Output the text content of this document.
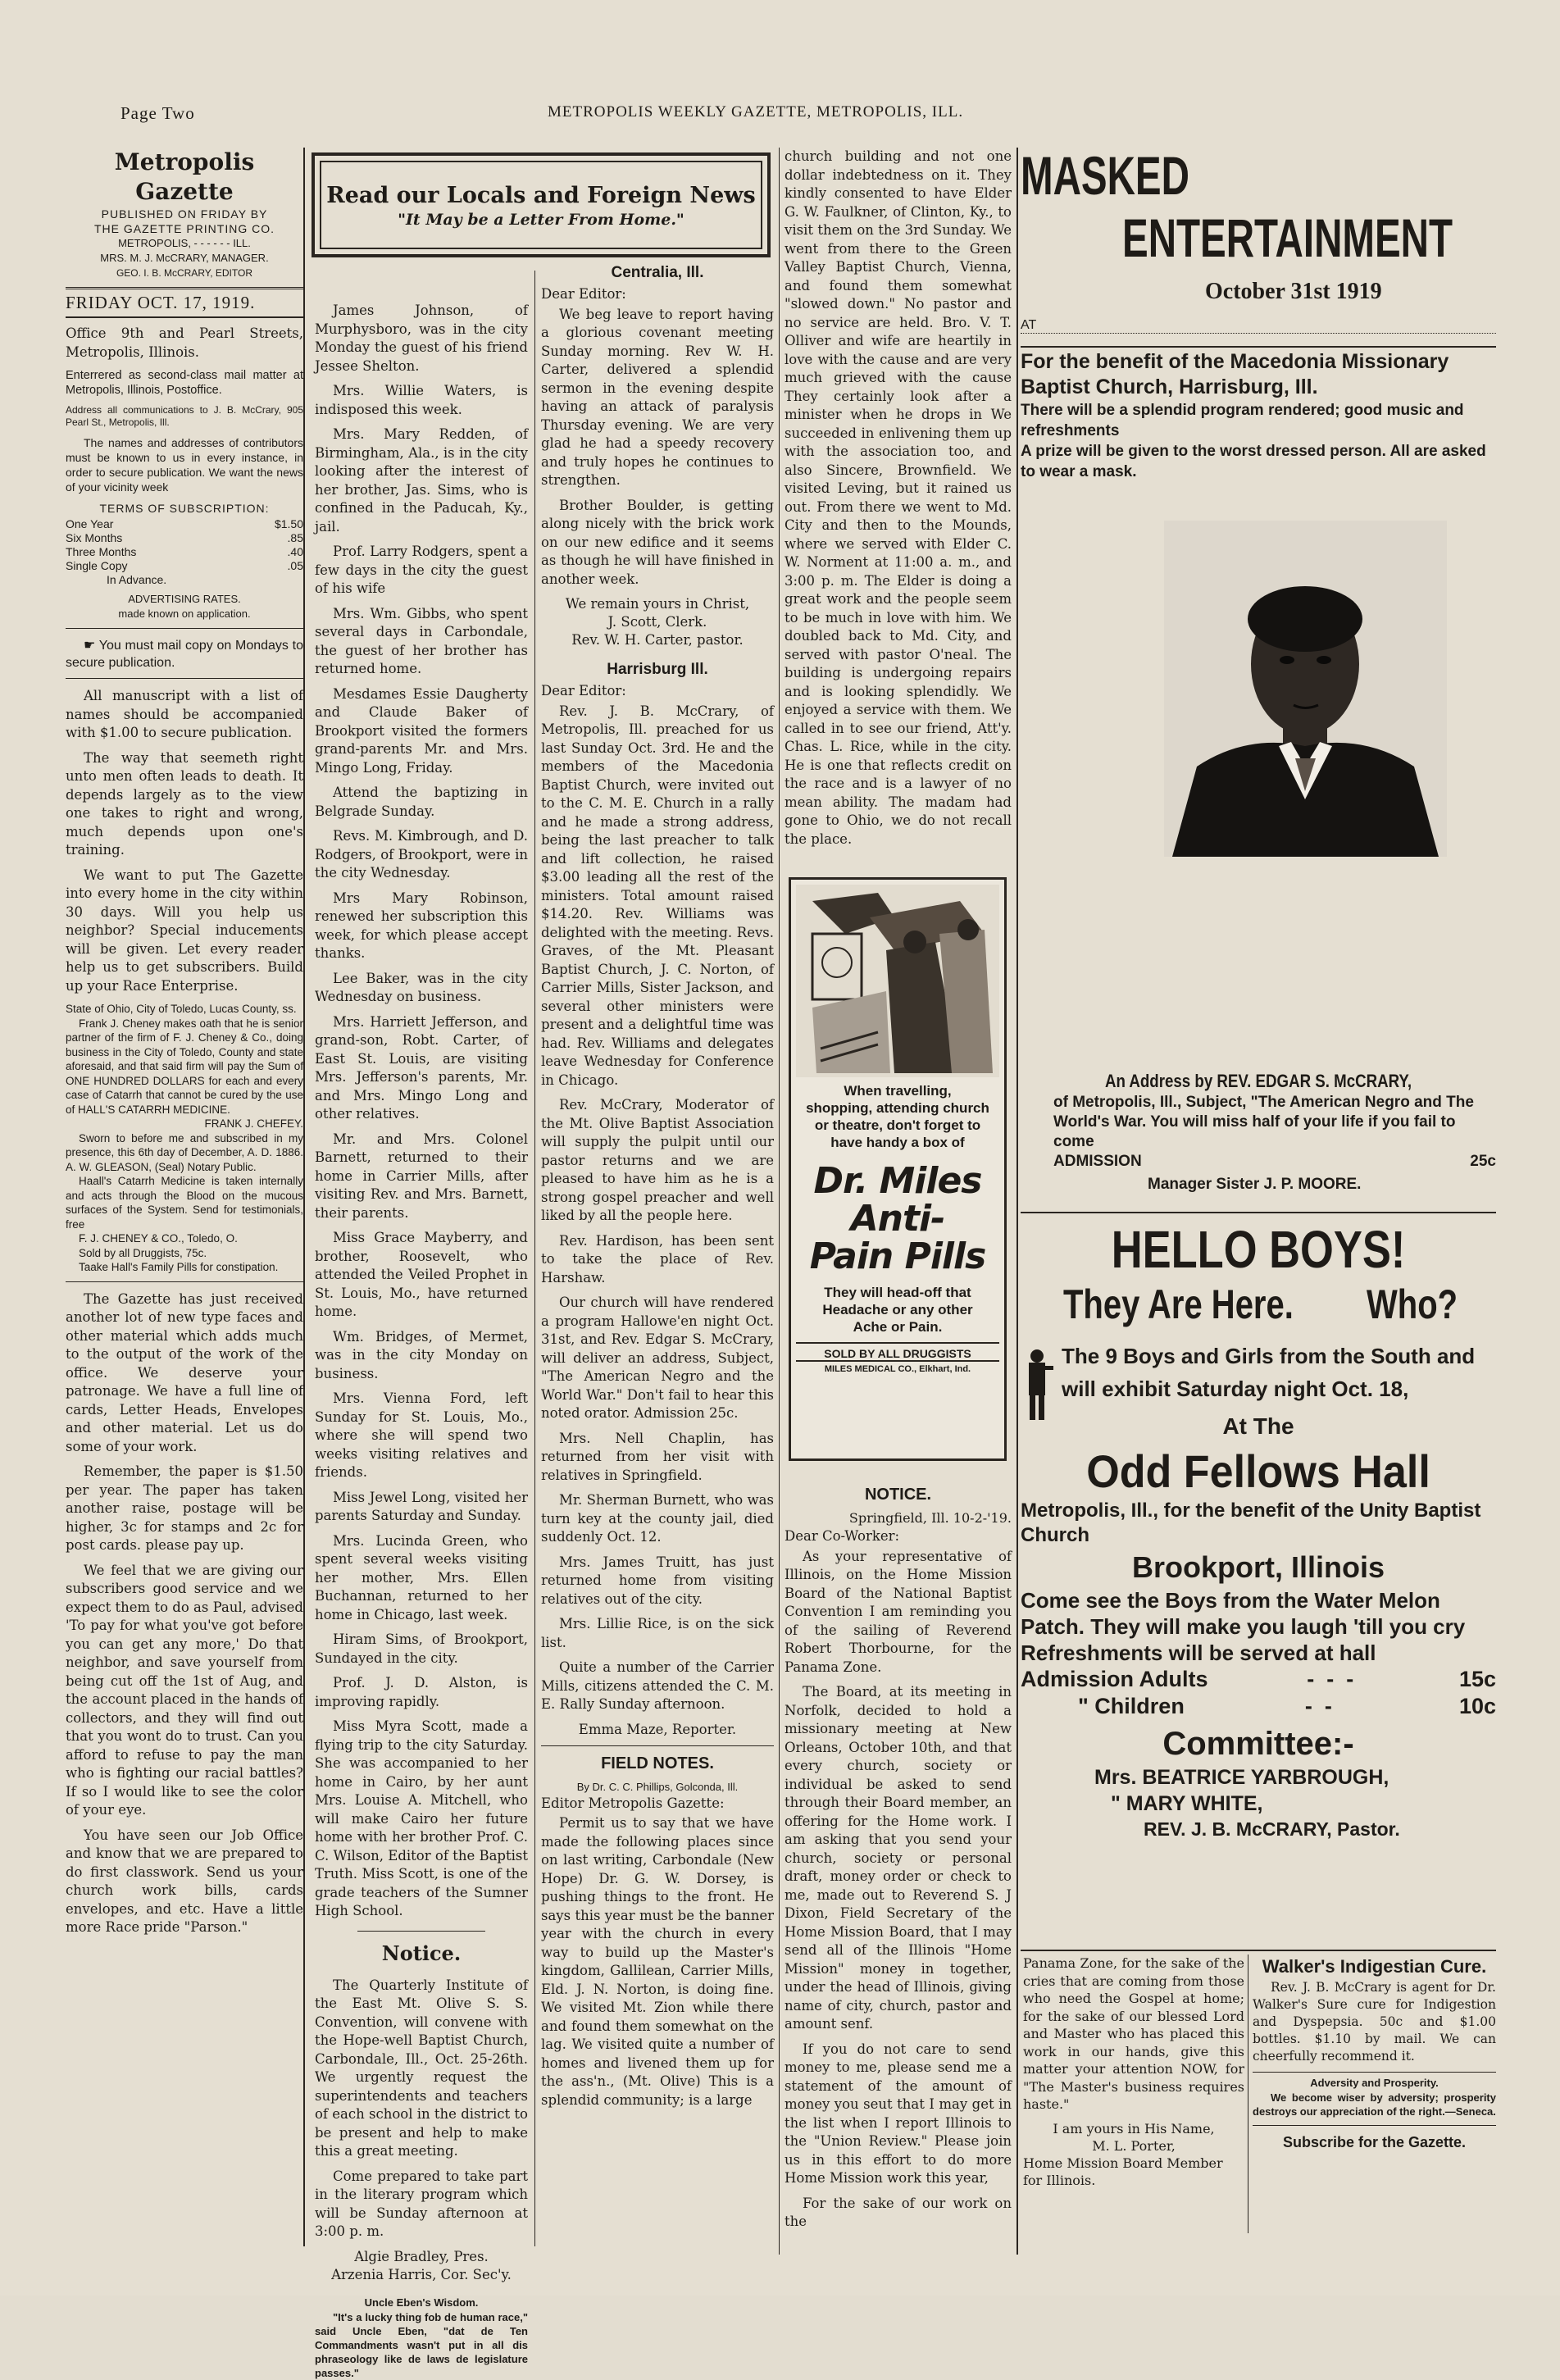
Page Two	METROPOLIS WEEKLY GAZETTE, METROPOLIS, ILL.
Metropolis Gazette
PUBLISHED ON FRIDAY BY
THE GAZETTE PRINTING CO.
METROPOLIS, - - - - - - ILL.
MRS. M. J. McCRARY, MANAGER.
GEO. I. B. McCRARY, EDITOR
FRIDAY OCT. 17, 1919.

Office 9th and Pearl Streets, Metropolis, Illinois.

Enterrered as second-class mail matter at Metropolis, Illinois, Postoffice.

Address all communications to J. B. McCrary, 905 Pearl St., Metropolis, Ill.

The names and addresses of contributors must be known to us in every instance, in order to secure publication. We want the news of your vicinity week

TERMS OF SUBSCRIPTION:
One Year	$1.50
Six Months	.85
Three Months	.40
Single Copy	.05
In Advance.
ADVERTISING RATES.
made known on application.

☛ You must mail copy on Mondays to secure publication.

All manuscript with a list of names should be accompanied with $1.00 to secure publication.

The way that seemeth right unto men often leads to death. It depends largely as to the view one takes to right and wrong, much depends upon one's training.

We want to put The Gazette into every home in the city within 30 days. Will you help us neighbor? Special inducements will be given. Let every reader help us to get subscribers. Build up your Race Enterprise.

State of Ohio, City of Toledo, Lucas County, ss.
Frank J. Cheney makes oath that he is senior partner of the firm of F. J. Cheney & Co., doing business in the City of Toledo, County and state aforesaid, and that said firm will pay the Sum of ONE HUNDRED DOLLARS for each and every case of Catarrh that cannot be cured by the use of HALL'S CATARRH MEDICINE.
FRANK J. CHEFEY.
Sworn to before me and subscribed in my presence, this 6th day of December, A. D. 1886. A. W. GLEASON, (Seal) Notary Public.
Haall's Catarrh Medicine is taken internally and acts through the Blood on the mucous surfaces of the System. Send for testimonials, free
F. J. CHENEY & CO., Toledo, O.
Sold by all Druggists, 75c.
Taake Hall's Family Pills for constipation.

The Gazette has just received another lot of new type faces and other material which adds much to the output of the work of the office. We deserve your patronage. We have a full line of cards, Letter Heads, Envelopes and other material. Let us do some of your work.

Remember, the paper is $1.50 per year. The paper has taken another raise, postage will be higher, 3c for stamps and 2c for post cards. please pay up.

We feel that we are giving our subscribers good service and we expect them to do as Paul, advised 'To pay for what you've got before you can get any more,' Do that neighbor, and save yourself from being cut off the 1st of Aug, and the account placed in the hands of collectors, and they will find out that you wont do to trust. Can you afford to refuse to pay the man who is fighting our racial battles? If so I would like to see the color of your eye.

You have seen our Job Office and know that we are prepared to do first classwork. Send us your church work bills, cards envelopes, and etc. Have a little more Race pride "Parson."

Read our Locals and Foreign News
"It May be a Letter From Home."

James Johnson, of Murphysboro, was in the city Monday the guest of his friend Jessee Shelton.

Mrs. Willie Waters, is indisposed this week.

Mrs. Mary Redden, of Birmingham, Ala., is in the city looking after the interest of her brother, Jas. Sims, who is confined in the Paducah, Ky., jail.

Prof. Larry Rodgers, spent a few days in the city the guest of his wife

Mrs. Wm. Gibbs, who spent several days in Carbondale, the guest of her brother has returned home.

Mesdames Essie Daugherty and Claude Baker of Brookport visited the formers grand-parents Mr. and Mrs. Mingo Long, Friday.

Attend the baptizing in Belgrade Sunday.

Revs. M. Kimbrough, and D. Rodgers, of Brookport, were in the city Wednesday.

Mrs Mary Robinson, renewed her subscription this week, for which please accept thanks.

Lee Baker, was in the city Wednesday on business.

Mrs. Harriett Jefferson, and grand-son, Robt. Carter, of East St. Louis, are visiting Mrs. Jefferson's parents, Mr. and Mrs. Mingo Long and other relatives.

Mr. and Mrs. Colonel Barnett, returned to their home in Carrier Mills, after visiting Rev. and Mrs. Barnett, their parents.

Miss Grace Mayberry, and brother, Roosevelt, who attended the Veiled Prophet in St. Louis, Mo., have returned home.

Wm. Bridges, of Mermet, was in the city Monday on business.

Mrs. Vienna Ford, left Sunday for St. Louis, Mo., where she will spend two weeks visiting relatives and friends.

Miss Jewel Long, visited her parents Saturday and Sunday.

Mrs. Lucinda Green, who spent several weeks visiting her mother, Mrs. Ellen Buchannan, returned to her home in Chicago, last week.

Hiram Sims, of Brookport, Sundayed in the city.

Prof. J. D. Alston, is improving rapidly.

Miss Myra Scott, made a flying trip to the city Saturday. She was accompanied to her home in Cairo, by her aunt Mrs. Louise A. Mitchell, who will make Cairo her future home with her brother Prof. C. C. Wilson, Editor of the Baptist Truth. Miss Scott, is one of the grade teachers of the Sumner High School.

Notice.

The Quarterly Institute of the East Mt. Olive S. S. Convention, will convene with the Hope-well Baptist Church, Carbondale, Ill., Oct. 25-26th. We urgently request the superintendents and teachers of each school in the district to be present and help to make this a great meeting.

Come prepared to take part in the literary program which will be Sunday afternoon at 3:00 p. m.

Algie Bradley, Pres.
Arzenia Harris, Cor. Sec'y.
Uncle Eben's Wisdom.

"It's a lucky thing fob de human race," said Uncle Eben, "dat de Ten Commandments wasn't put in all dis phraseology like de laws de legislature passes."

Centralia, Ill.

Dear Editor:

We beg leave to report having a glorious covenant meeting Sunday morning. Rev W. H. Carter, delivered a splendid sermon in the evening despite having an attack of paralysis Thursday evening. We are very glad he had a speedy recovery and truly hopes he continues to strengthen.

Brother Boulder, is getting along nicely with the brick work on our new edifice and it seems as though he will have finished in another week.

We remain yours in Christ,
J. Scott, Clerk.
Rev. W. H. Carter, pastor.
Harrisburg Ill.

Dear Editor:

Rev. J. B. McCrary, of Metropolis, Ill. preached for us last Sunday Oct. 3rd. He and the members of the Macedonia Baptist Church, were invited out to the C. M. E. Church in a rally and he made a strong address, being the last preacher to talk and lift collection, he raised $3.00 leading all the rest of the ministers. Total amount raised $14.20. Rev. Williams was delighted with the meeting. Revs. Graves, of the Mt. Pleasant Baptist Church, J. C. Norton, of Carrier Mills, Sister Jackson, and several other ministers were present and a delightful time was had. Rev. Williams and delegates leave Wednesday for Conference in Chicago.

Rev. McCrary, Moderator of the Mt. Olive Baptist Association will supply the pulpit until our pastor returns and we are pleased to have him as he is a strong gospel preacher and well liked by all the people here.

Rev. Hardison, has been sent to take the place of Rev. Harshaw.

Our church will have rendered a program Hallowe'en night Oct. 31st, and Rev. Edgar S. McCrary, will deliver an address, Subject, "The American Negro and the World War." Don't fail to hear this noted orator. Admission 25c.

Mrs. Nell Chaplin, has returned from her visit with relatives in Springfield.

Mr. Sherman Burnett, who was turn key at the county jail, died suddenly Oct. 12.

Mrs. James Truitt, has just returned home from visiting relatives out of the city.

Mrs. Lillie Rice, is on the sick list.

Quite a number of the Carrier Mills, citizens attended the C. M. E. Rally Sunday afternoon.

Emma Maze, Reporter.
FIELD NOTES.
By Dr. C. C. Phillips, Golconda, Ill.

Editor Metropolis Gazette:

Permit us to say that we have made the following places since on last writing, Carbondale (New Hope) Dr. G. W. Dorsey, is pushing things to the front. He says this year must be the banner year with the church in every way to build up the Master's kingdom, Gallilean, Carrier Mills, Eld. J. N. Norton, is doing fine. We visited Mt. Zion while there and found them somewhat on the lag. We visited quite a number of homes and livened them up for the ass'n., (Mt. Olive) This is a splendid community; is a large

church building and not one dollar indebtedness on it. They kindly consented to have Elder G. W. Faulkner, of Clinton, Ky., to visit them on the 3rd Sunday. We went from there to the Green Valley Baptist Church, Vienna, and found them somewhat "slowed down." No pastor and no service are held. Bro. V. T. Olliver and wife are heartily in love with the cause and are very much grieved with the cause They certainly look after a minister when he drops in We succeeded in enlivening them up with the association too, and also Sincere, Brownfield. We visited Leving, but it rained us out. From there we went to Md. City and then to the Mounds, where we served with Elder C. W. Norment at 11:00 a. m., and 3:00 p. m. The Elder is doing a great work and the people seem to be much in love with him. We doubled back to Md. City, and served with pastor O'neal. The building is undergoing repairs and is looking splendidly. We enjoyed a service with them. We called in to see our friend, Att'y. Chas. L. Rice, while in the city. He is one that reflects credit on the race and is a lawyer of no mean ability. The madam had gone to Ohio, we do not recall the place.

When travelling,
shopping, attending church
or theatre, don't forget to
have handy a box of
Dr. Miles
Anti-
Pain Pills
They will head-off that
Headache or any other
Ache or Pain.
SOLD BY ALL DRUGGISTS
MILES MEDICAL CO., Elkhart, Ind.
NOTICE.
Springfield, Ill. 10-2-'19.

Dear Co-Worker:

As your representative of Illinois, on the Home Mission Board of the National Baptist Convention I am reminding you of the sailing of Reverend Robert Thorbourne, for the Panama Zone.

The Board, at its meeting in Norfolk, decided to hold a missionary meeting at New Orleans, October 10th, and that every church, society or individual be asked to send through their Board member, an offering for the Home work. I am asking that you send your church, society or personal draft, money order or check to me, made out to Reverend S. J Dixon, Field Secretary of the Home Mission Board, that I may send all of the Illinois "Home Mission" money in together, under the head of Illinois, giving name of city, church, pastor and amount senf.

If you do not care to send money to me, please send me a statement of the amount of money you seut that I may get in the list when I report Illinois to the "Union Review." Please join us in this effort to do more Home Mission work this year,

For the sake of our work on the

MASKED
ENTERTAINMENT
October 31st 1919
AT
For the benefit of the Macedonia Missionary Baptist Church, Harrisburg, Ill.
There will be a splendid program rendered; good music and refreshments
A prize will be given to the worst dressed person. All are asked to wear a mask.
An Address by REV. EDGAR S. McCRARY,
of Metropolis, Ill., Subject, "The American Negro and The World's War. You will miss half of your life if you fail to come
ADMISSION	25c
Manager Sister J. P. MOORE.
HELLO BOYS!
They Are Here. Who?
The 9 Boys and Girls from the South and will exhibit Saturday night Oct. 18,
At The
Odd Fellows Hall
Metropolis, Ill., for the benefit of the Unity Baptist Church
Brookport, Illinois
Come see the Boys from the Water Melon Patch. They will make you laugh 'till you cry
Refreshments will be served at hall
Admission Adults	-  -  -	15c
" Children	-  -	10c
Committee:-
Mrs. BEATRICE YARBROUGH,
" MARY WHITE,
REV. J. B. McCRARY, Pastor.

Panama Zone, for the sake of the cries that are coming from those who need the Gospel at home; for the sake of our blessed Lord and Master who has placed this work in our hands, give this matter your attention NOW, for "The Master's business requires haste."

I am yours in His Name,
M. L. Porter,
Home Mission Board Member for Illinois.
Walker's Indigestian Cure.

Rev. J. B. McCrary is agent for Dr. Walker's Sure cure for Indigestion and Dyspepsia. 50c and $1.00 bottles. $1.10 by mail. We can cheerfully recommend it.

Adversity and Prosperity.

We become wiser by adversity; prosperity destroys our appreciation of the right.—Seneca.

Subscribe for the Gazette.
